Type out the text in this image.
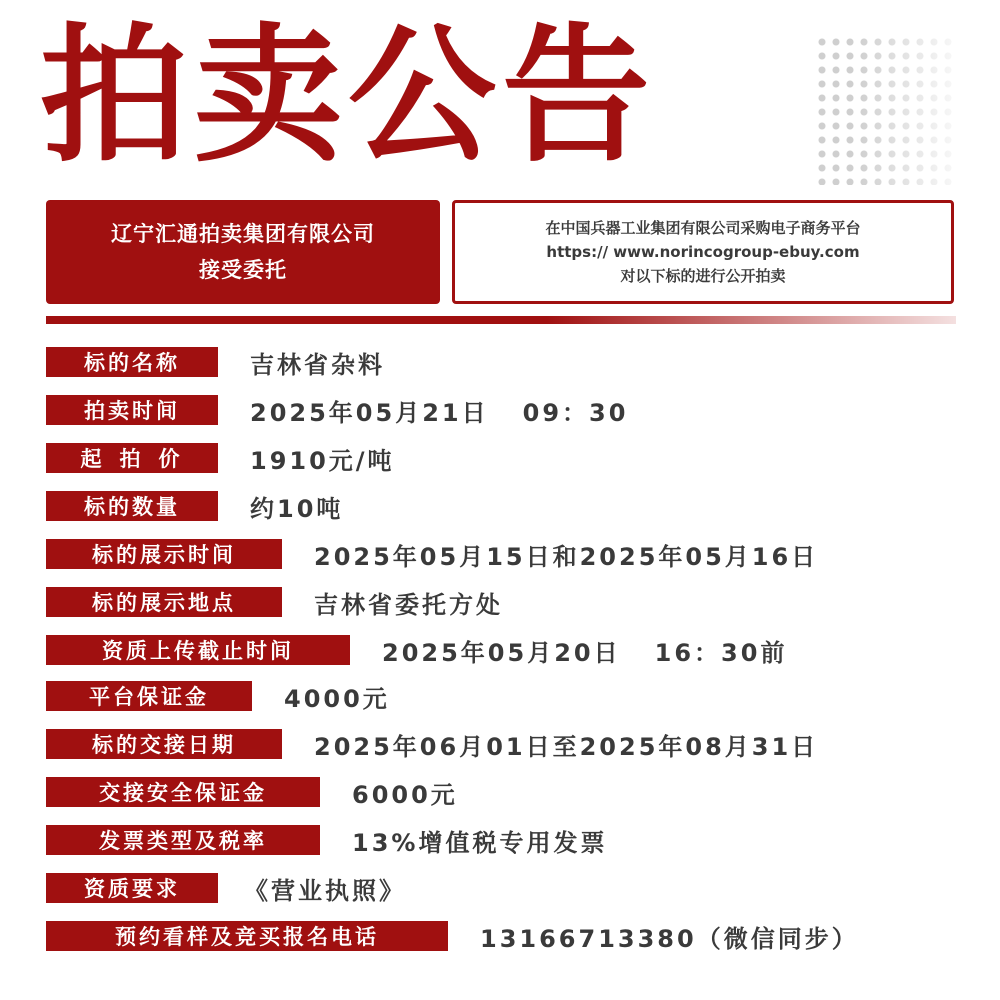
拍卖公告
辽宁汇通拍卖集团有限公司
接受委托
在中国兵器工业集团有限公司采购电子商务平台
https:// www.norincogroup-ebuy.com
对以下标的进行公开拍卖
标的名称	吉林省杂料
拍卖时间	2025年05月21日   09：30
起拍价	1910元/吨
标的数量	约10吨
标的展示时间	2025年05月15日和2025年05月16日
标的展示地点	吉林省委托方处
资质上传截止时间	2025年05月20日   16：30前
平台保证金	4000元
标的交接日期	2025年06月01日至2025年08月31日
交接安全保证金	6000元
发票类型及税率	13%增值税专用发票
资质要求	《营业执照》
预约看样及竞买报名电话	13166713380（微信同步）
